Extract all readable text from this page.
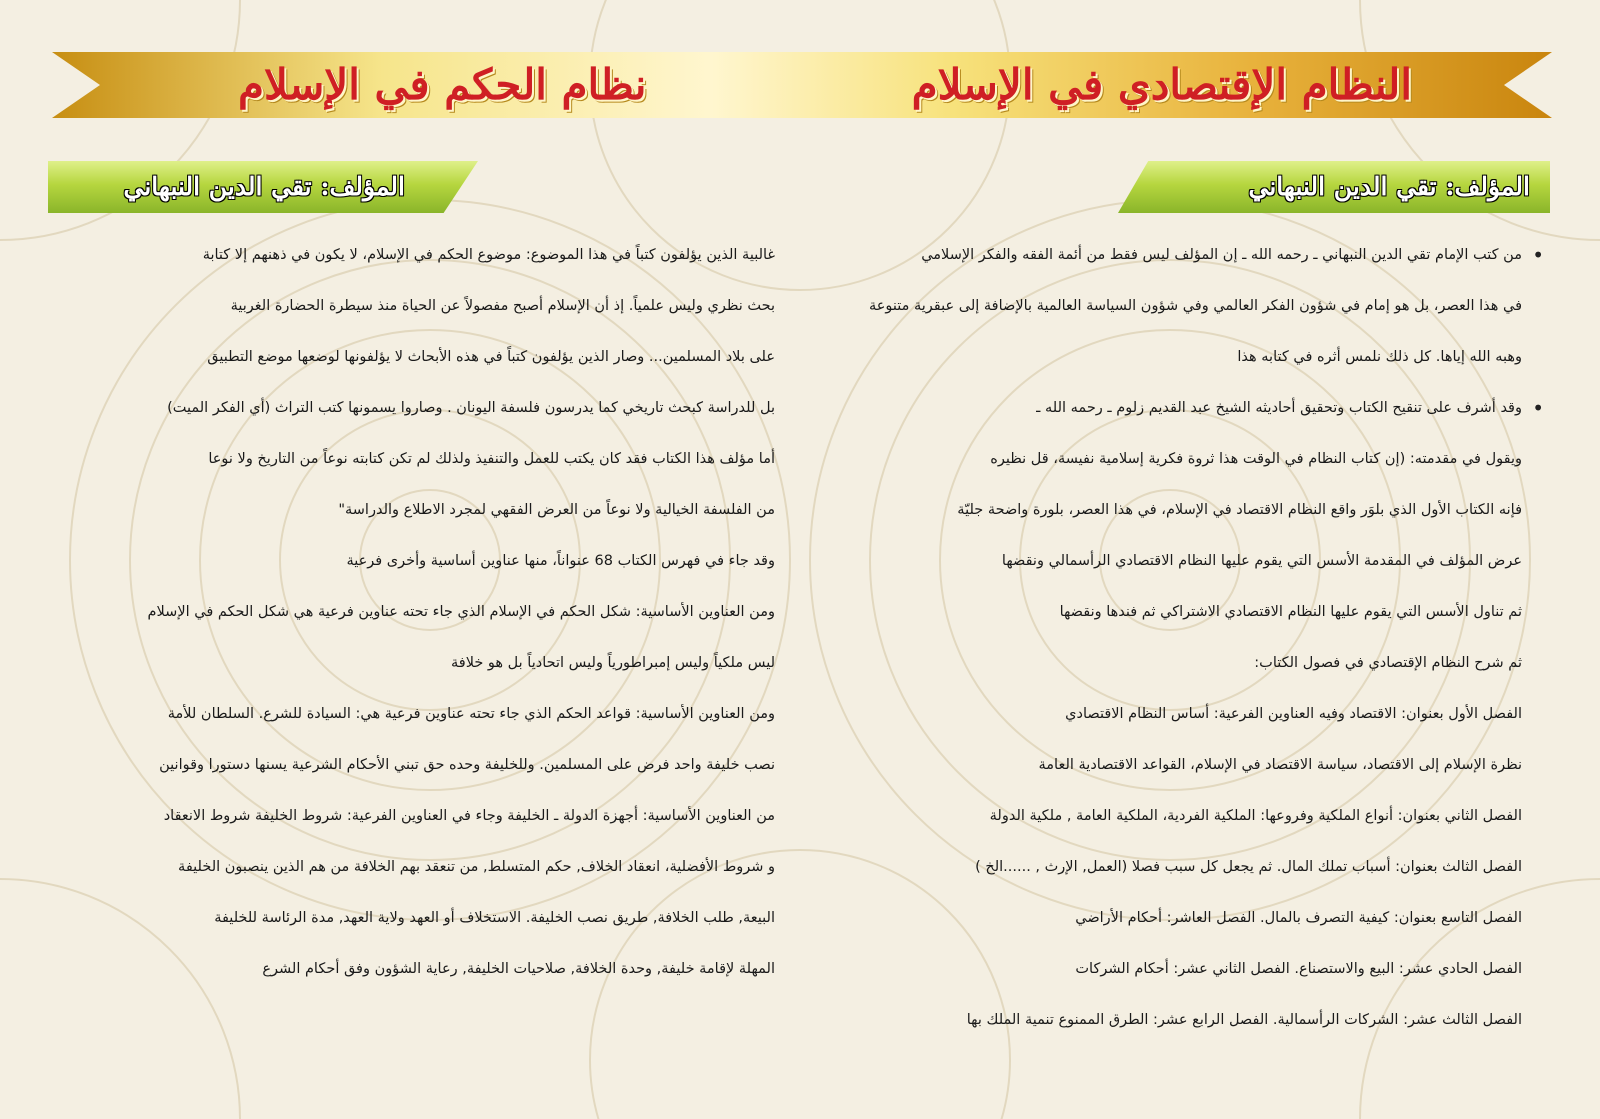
النظام الإقتصادي في الإسلام
نظام الحكم في الإسلام
المؤلف: تقي الدين النبهاني
المؤلف: تقي الدين النبهاني
• من كتب الإمام تقي الدين النبهاني ـ رحمه الله ـ إن المؤلف ليس فقط من أئمة الفقه والفكر الإسلامي
في هذا العصر، بل هو إمام في شؤون الفكر العالمي وفي شؤون السياسة العالمية بالإضافة إلى عبقرية متنوعة
وهبه الله إياها. كل ذلك نلمس أثره في كتابه هذا
• وقد أشرف على تنقيح الكتاب وتحقيق أحاديثه الشيخ عبد القديم زلوم ـ رحمه الله ـ
ويقول في مقدمته: (إن كتاب النظام في الوقت هذا ثروة فكرية إسلامية نفيسة، قل نظيره
فإنه الكتاب الأول الذي بلوَر واقع النظام الاقتصاد في الإسلام، في هذا العصر، بلورة واضحة جليّة
عرض المؤلف في المقدمة الأسس التي يقوم عليها النظام الاقتصادي الرأسمالي ونقضها
ثم تناول الأسس التي يقوم عليها النظام الاقتصادي الاشتراكي ثم فندها ونقضها
ثم شرح النظام الإقتصادي في فصول الكتاب:
الفصل الأول بعنوان: الاقتصاد وفيه العناوين الفرعية: أساس النظام الاقتصادي
نظرة الإسلام إلى الاقتصاد، سياسة الاقتصاد في الإسلام، القواعد الاقتصادية العامة
الفصل الثاني بعنوان: أنواع الملكية وفروعها: الملكية الفردية، الملكية العامة , ملكية الدولة
الفصل الثالث بعنوان: أسباب تملك المال. ثم يجعل كل سبب فصلا (العمل, الإرث , ......الخ )
الفصل التاسع بعنوان: كيفية التصرف بالمال. الفصل العاشر: أحكام الأراضي
الفصل الحادي عشر: البيع والاستصناع. الفصل الثاني عشر: أحكام الشركات
الفصل الثالث عشر: الشركات الرأسمالية. الفصل الرابع عشر: الطرق الممنوع تنمية الملك بها
غالبية الذين يؤلفون كتباً في هذا الموضوع: موضوع الحكم في الإسلام، لا يكون في ذهنهم إلا كتابة
بحث نظري وليس علمياً. إذ أن الإسلام أصبح مفصولاً عن الحياة منذ سيطرة الحضارة الغربية
على بلاد المسلمين... وصار الذين يؤلفون كتباً في هذه الأبحاث لا يؤلفونها لوضعها موضع التطبيق
بل للدراسة كبحث تاريخي كما يدرسون فلسفة اليونان . وصاروا يسمونها كتب التراث (أي الفكر الميت)
أما مؤلف هذا الكتاب فقد كان يكتب للعمل والتنفيذ ولذلك لم تكن كتابته نوعاً من التاريخ ولا نوعا
من الفلسفة الخيالية ولا نوعاً من العرض الفقهي لمجرد الاطلاع والدراسة"
وقد جاء في فهرس الكتاب 68 عنواناً، منها عناوين أساسية وأخرى فرعية
ومن العناوين الأساسية: شكل الحكم في الإسلام الذي جاء تحته عناوين فرعية هي شكل الحكم في الإسلام
ليس ملكياً وليس إمبراطورياً وليس اتحادياً بل هو خلافة
ومن العناوين الأساسية: قواعد الحكم الذي جاء تحته عناوين فرعية هي: السيادة للشرع. السلطان للأمة
نصب خليفة واحد فرض على المسلمين. وللخليفة وحده حق تبني الأحكام الشرعية يسنها دستورا وقوانين
من العناوين الأساسية: أجهزة الدولة ـ الخليفة وجاء في العناوين الفرعية: شروط الخليفة شروط الانعقاد
و شروط الأفضلية، انعقاد الخلاف, حكم المتسلط, من تنعقد بهم الخلافة من هم الذين ينصبون الخليفة
البيعة, طلب الخلافة, طريق نصب الخليفة. الاستخلاف أو العهد ولاية العهد, مدة الرئاسة للخليفة
المهلة لإقامة خليفة, وحدة الخلافة, صلاحيات الخليفة, رعاية الشؤون وفق أحكام الشرع
